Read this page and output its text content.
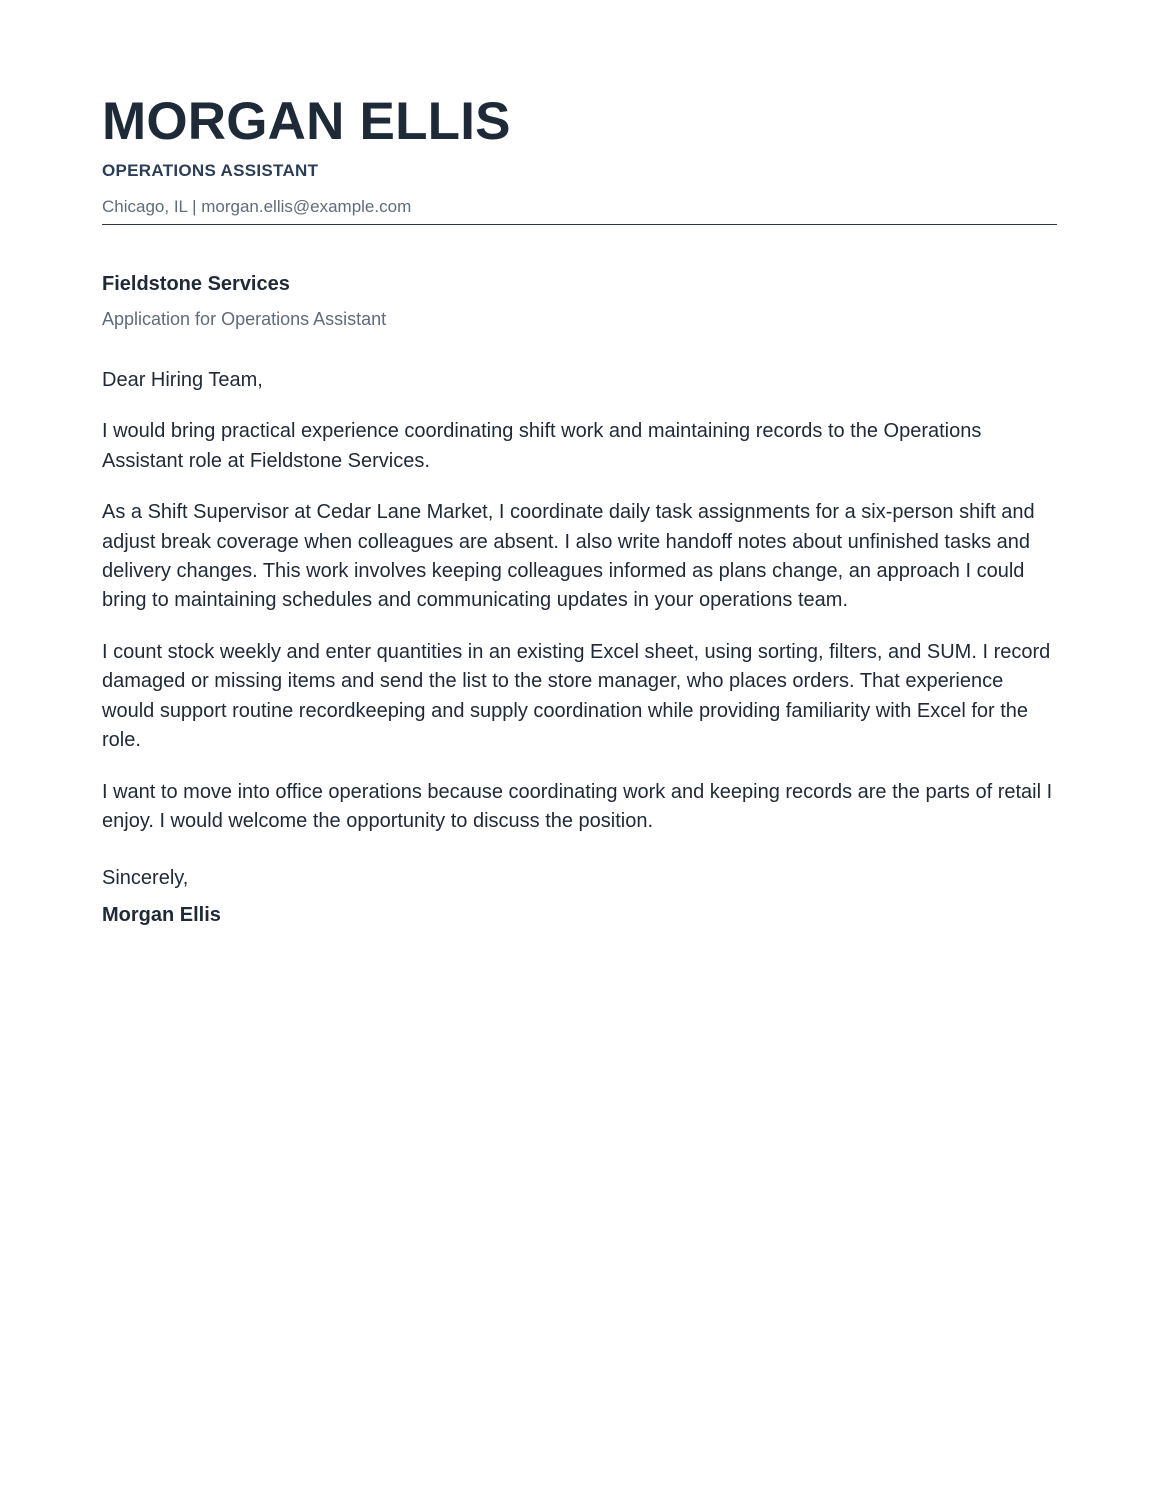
MORGAN ELLIS
OPERATIONS ASSISTANT
Chicago, IL | morgan.ellis@example.com
Fieldstone Services
Application for Operations Assistant

Dear Hiring Team,

I would bring practical experience coordinating shift work and maintaining records to the Operations Assistant role at Fieldstone Services.

As a Shift Supervisor at Cedar Lane Market, I coordinate daily task assignments for a six-person shift and adjust break coverage when colleagues are absent. I also write handoff notes about unfinished tasks and delivery changes. This work involves keeping colleagues informed as plans change, an approach I could bring to maintaining schedules and communicating updates in your operations team.

I count stock weekly and enter quantities in an existing Excel sheet, using sorting, filters, and SUM. I record damaged or missing items and send the list to the store manager, who places orders. That experience would support routine recordkeeping and supply coordination while providing familiarity with Excel for the role.

I want to move into office operations because coordinating work and keeping records are the parts of retail I enjoy. I would welcome the opportunity to discuss the position.

Sincerely,
Morgan Ellis
